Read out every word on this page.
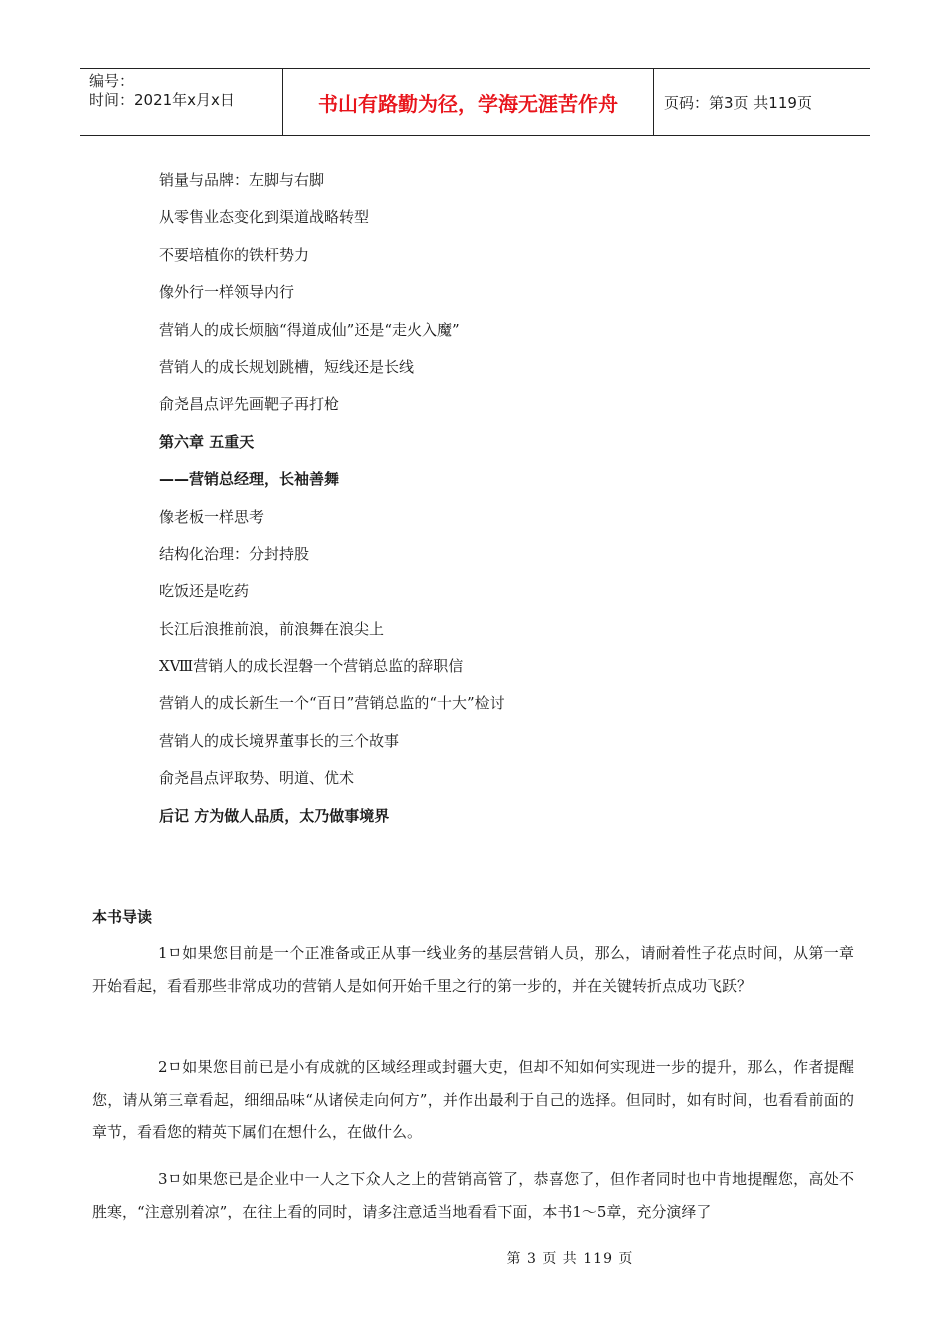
编号：
时间：2021年x月x日	书山有路勤为径，学海无涯苦作舟	页码：第3页 共119页
销量与品牌：左脚与右脚
从零售业态变化到渠道战略转型
不要培植你的铁杆势力
像外行一样领导内行
营销人的成长烦脑“得道成仙”还是“走火入魔”
营销人的成长规划跳槽，短线还是长线
俞尧昌点评先画靶子再打枪
第六章 五重天
——营销总经理，长袖善舞
像老板一样思考
结构化治理：分封持股
吃饭还是吃药
长江后浪推前浪，前浪舞在浪尖上
ⅩⅧ营销人的成长涅磐一个营销总监的辞职信
营销人的成长新生一个“百日”营销总监的“十大”检讨
营销人的成长境界董事长的三个故事
俞尧昌点评取势、明道、优术
后记 方为做人品质，太乃做事境界
本书导读

1ㅁ如果您目前是一个正准备或正从事一线业务的基层营销人员，那么，请耐着性子花点时间，从第一章开始看起，看看那些非常成功的营销人是如何开始千里之行的第一步的，并在关键转折点成功飞跃？

2ㅁ如果您目前已是小有成就的区域经理或封疆大吏，但却不知如何实现进一步的提升，那么，作者提醒您，请从第三章看起，细细品味“从诸侯走向何方”，并作出最利于自己的选择。但同时，如有时间，也看看前面的章节，看看您的精英下属们在想什么，在做什么。

3ㅁ如果您已是企业中一人之下众人之上的营销高管了，恭喜您了，但作者同时也中肯地提醒您，高处不胜寒，“注意别着凉”，在往上看的同时，请多注意适当地看看下面，本书1～5章，充分演绎了

第 3 页 共 119 页
